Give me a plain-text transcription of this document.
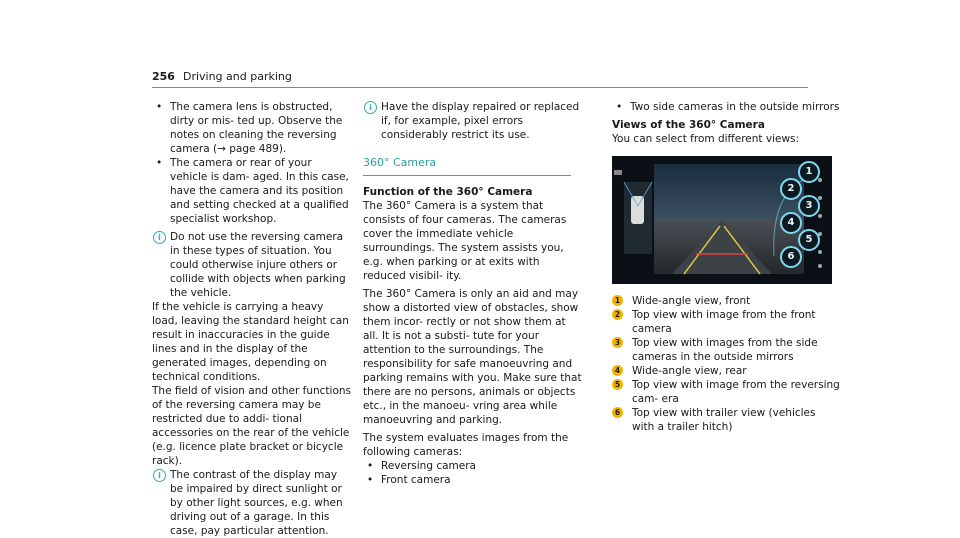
256 Driving and parking
• The camera lens is obstructed, dirty or mis- ted up. Observe the notes on cleaning the reversing camera (→ page 489).

• The camera or rear of your vehicle is dam- aged. In this case, have the camera and its position and setting checked at a qualified specialist workshop.

i Do not use the reversing camera in these types of situation. You could otherwise injure others or collide with objects when parking the vehicle.

If the vehicle is carrying a heavy load, leaving the standard height can result in inaccuracies in the guide lines and in the display of the generated images, depending on technical conditions.

The field of vision and other functions of the reversing camera may be restricted due to addi- tional accessories on the rear of the vehicle (e.g. licence plate bracket or bicycle rack).

i The contrast of the display may be impaired by direct sunlight or by other light sources, e.g. when driving out of a garage. In this case, pay particular attention.

i Have the display repaired or replaced if, for example, pixel errors considerably restrict its use.

360° Camera
Function of the 360° Camera

The 360° Camera is a system that consists of four cameras. The cameras cover the immediate vehicle surroundings. The system assists you, e.g. when parking or at exits with reduced visibil- ity.

The 360° Camera is only an aid and may show a distorted view of obstacles, show them incor- rectly or not show them at all. It is not a substi- tute for your attention to the surroundings. The responsibility for safe manoeuvring and parking remains with you. Make sure that there are no persons, animals or objects etc., in the manoeu- vring area while manoeuvring and parking.

The system evaluates images from the following cameras:

• Reversing camera

• Front camera

• Two side cameras in the outside mirrors

Views of the 360° Camera

You can select from different views:

1
2
3
4
5
6
1 Wide-angle view, front

2 Top view with image from the front camera

3 Top view with images from the side cameras in the outside mirrors

4 Wide-angle view, rear

5 Top view with image from the reversing cam- era

6 Top view with trailer view (vehicles with a trailer hitch)
